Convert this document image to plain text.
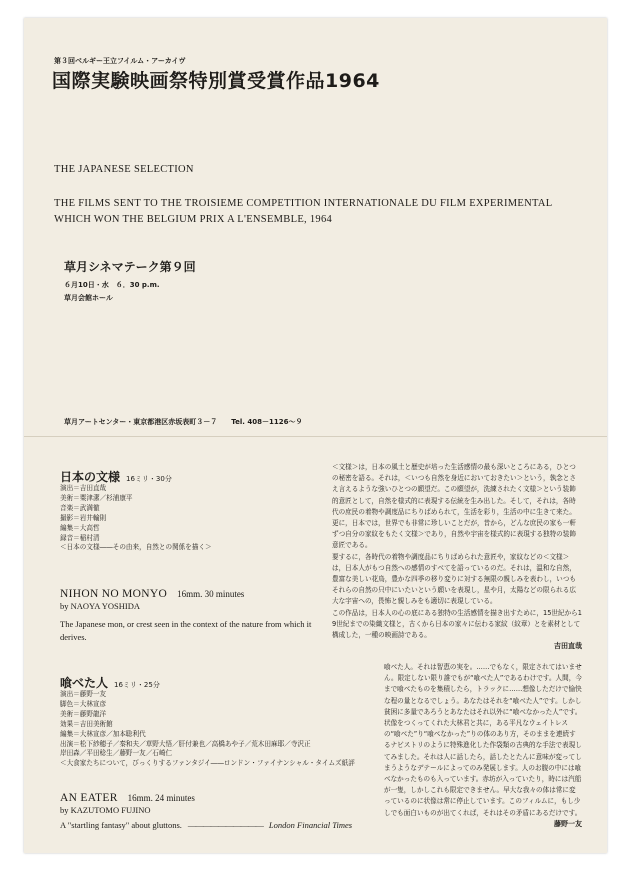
第３回ベルギー王立フイルム・アーカイヴ

国際実験映画祭特別賞受賞作品1964

THE JAPANESE SELECTION

THE FILMS SENT TO THE TROISIEME COMPETITION INTERNATIONALE DU FILM EXPERIMENTAL

WHICH WON THE BELGIUM PRIX A L'ENSEMBLE, 1964

草月シネマテーク第９回

６月10日・水　６．30 p.m.

草月会館ホール

草月アートセンター・東京都港区赤坂表町３－７　　Tel. 408－1126～９

日本の文様 16ミリ・30分
演出＝吉田直哉
美術＝粟津潔／杉浦康平
音楽＝武満徹
撮影＝岩井輸則
編集＝大高哲
録音＝稲村清
＜日本の文様――その由来，自然との関係を描く＞
NIHON NO MONYO 16mm. 30 minutes
by NAOYA YOSHIDA
The Japanese mon, or crest seen in the context of the nature from which it derives.

＜文様＞は，日本の風土と歴史が培った生活感情の最も深いところにある，ひとつの秘密を語る。それは，＜いつも自然を身近においておきたい＞という，執念とさえ言えるような強いひとつの願望だ。この願望が，洗練されたく文様＞という装飾的意匠として，自然を様式的に表現する伝統を生み出した。そして，それは，各時代の庶民の着物や調度品にちりばめられて，生活を彩り，生活の中に生きて来た。更に，日本では，世界でも非常に珍しいことだが，昔から，どんな庶民の家も一軒ずつ自分の家紋をもたく文様＞であり，自然や宇宙を様式的に表現する独特の装飾意匠である。

要するに，各時代の着物や調度品にちりばめられた意匠や，家紋などの＜文様＞は，日本人がもつ自然への感情のすべてを語っているのだ。それは，温和な自然，豊富な美しい花鳥，豊かな四季の移り変りに対する無限の親しみを表わし，いつもそれらの自然の只中にいたいという願いを表現し，星や月，太陽などの限られる広大な宇宙への，畏怖と親しみをも適切に表現している。

この作品は，日本人の心の底にある独特の生活感情を描き出すために，15世紀から19世紀までの染織文様と，古くから日本の家々に伝わる家紋（紋章）とを素材として構成した，一種の映画詩である。

吉田直哉
喰べた人 16ミリ・25分
演出＝藤野一友
脚色＝大林宣彦
美術＝藤野龍洋
効果＝吉田美術館
編集＝大林宣彦／加本聡利代
出演＝松下紗穂子／秦和夫／草野大悟／肝付兼也／高橋あや子／荒木田麻耶／寺沢正
岸田森／平田稔生／藤野一友／石崎仁
＜大食家たちについて，びっくりするファンタジイ――ロンドン・ファイナンシャル・タイムズ紙評
AN EATER 16mm. 24 minutes
by KAZUTOMO FUJINO
A "startling fantasy" about gluttons. ―――――――――― London Financial Times

喰べた人。それは智恵の実を。……でもなく，限定されてはいません。限定しない限り誰でもが“喰べた人”であるわけです。人間，今まで喰べたものを集積したら，トラックに……想像しただけで愉快な程の量となるでしょう。あなたはそれを“喰べた人”です。しかし貧困に多量であろうとあなたはそれ以外に“喰べなかった人”です。状像をつくってくれた大林君と共に，ある平凡なウェイトレスの“喰べた”り“喰べなかった”りの体のあり方，そのままを連続するナビストリのように特殊進化した作袋類の古典的な手法で表現してみました。それは人に話したら，話したとたんに意味が変ってしまうようなデテールによってのみ発展します。人のお腹の中には喰べなかったものも入っています。赤坊が入っていたり，時には汽船が一隻，しかしこれも限定できません。早大な我々の体は常に変っているのに状像は常に停止しています。このフィルムに，もし少しでも面白いものが出てくれば，それはその矛盾にあるだけです。

藤野一友
